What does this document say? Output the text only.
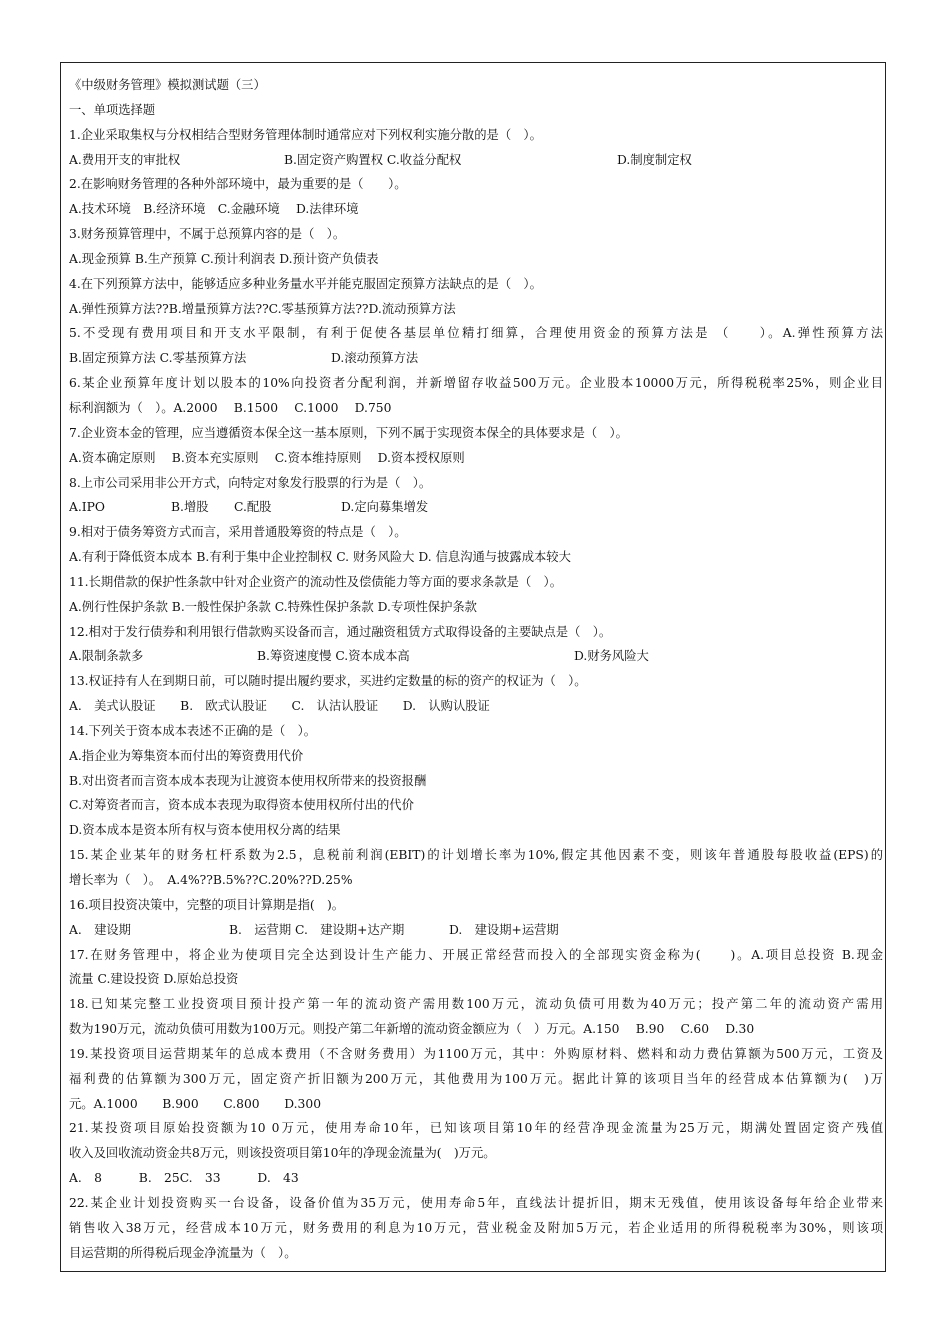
《中级财务管理》模拟测试题（三）
一、单项选择题
1.企业采取集权与分权相结合型财务管理体制时通常应对下列权利实施分散的是（　）。
A.费用开支的审批权	B.固定资产购置权 C.收益分配权	D.制度制定权
2.在影响财务管理的各种外部环境中，最为重要的是（　　）。
A.技术环境　B.经济环境　C.金融环境　 D.法律环境
3.财务预算管理中，不属于总预算内容的是（　）。
A.现金预算 B.生产预算 C.预计利润表 D.预计资产负债表
4.在下列预算方法中，能够适应多种业务量水平并能克服固定预算方法缺点的是（　）。
A.弹性预算方法??B.增量预算方法??C.零基预算方法??D.流动预算方法
5.不受现有费用项目和开支水平限制，有利于促使各基层单位精打细算，合理使用资金的预算方法是 （　　）。A.弹性预算方法
B.固定预算方法 C.零基预算方法	D.滚动预算方法
6.某企业预算年度计划以股本的10%向投资者分配利润，并新增留存收益500万元。企业股本10000万元，所得税税率25%，则企业目
标利润额为（　）。A.2000　 B.1500　 C.1000　 D.750
7.企业资本金的管理，应当遵循资本保全这一基本原则，下列不属于实现资本保全的具体要求是（　）。
A.资本确定原则　 B.资本充实原则　 C.资本维持原则　 D.资本授权原则
8.上市公司采用非公开方式，向特定对象发行股票的行为是（　）。
A.IPO	B.增股 C.配股	D.定向募集增发
9.相对于债务筹资方式而言，采用普通股筹资的特点是（　）。
A.有利于降低资本成本 B.有利于集中企业控制权 C. 财务风险大 D. 信息沟通与披露成本较大
11.长期借款的保护性条款中针对企业资产的流动性及偿债能力等方面的要求条款是（　）。
A.例行性保护条款 B.一般性保护条款 C.特殊性保护条款 D.专项性保护条款
12.相对于发行债券和利用银行借款购买设备而言，通过融资租赁方式取得设备的主要缺点是（　）。
A.限制条款多	B.筹资速度慢 C.资本成本高	D.财务风险大
13.权证持有人在到期日前，可以随时提出履约要求，买进约定数量的标的资产的权证为（　）。
A.　美式认股证　　B.　欧式认股证　　C.　认沽认股证　　D.　认购认股证
14.下列关于资本成本表述不正确的是（　）。
A.指企业为筹集资本而付出的筹资费用代价
B.对出资者而言资本成本表现为让渡资本使用权所带来的投资报酬
C.对筹资者而言，资本成本表现为取得资本使用权所付出的代价
D.资本成本是资本所有权与资本使用权分离的结果
15.某企业某年的财务杠杆系数为2.5，息税前利润(EBIT)的计划增长率为10%,假定其他因素不变，则该年普通股每股收益(EPS)的
增长率为（　）。　A.4%??B.5%??C.20%??D.25%
16.项目投资决策中，完整的项目计算期是指(　)。
A.　建设期	B.　运营期 C.　建设期+达产期	D.　建设期+运营期
17.在财务管理中，将企业为使项目完全达到设计生产能力、开展正常经营而投入的全部现实资金称为(　　)。A.项目总投资 B.现金
流量 C.建设投资 D.原始总投资
18.已知某完整工业投资项目预计投产第一年的流动资产需用数100万元，流动负债可用数为40万元；投产第二年的流动资产需用
数为190万元，流动负债可用数为100万元。则投产第二年新增的流动资金额应为（　）万元。A.150　 B.90　 C.60　 D.30
19.某投资项目运营期某年的总成本费用（不含财务费用）为1100万元，其中：外购原材料、燃料和动力费估算额为500万元，工资及
福利费的估算额为300万元，固定资产折旧额为200万元，其他费用为100万元。据此计算的该项目当年的经营成本估算额为(　)万
元。A.1000　　B.900　　C.800　　D.300
21.某投资项目原始投资额为10 0万元，使用寿命10年，已知该项目第10年的经营净现金流量为25万元，期满处置固定资产残值
收入及回收流动资金共8万元，则该投资项目第10年的净现金流量为(　)万元。
A.　8　　　B.　25C.　33　　　D.　43
22.某企业计划投资购买一台设备，设备价值为35万元，使用寿命5年，直线法计提折旧，期末无残值，使用该设备每年给企业带来
销售收入38万元，经营成本10万元，财务费用的利息为10万元，营业税金及附加5万元，若企业适用的所得税税率为30%，则该项
目运营期的所得税后现金净流量为（　）。
